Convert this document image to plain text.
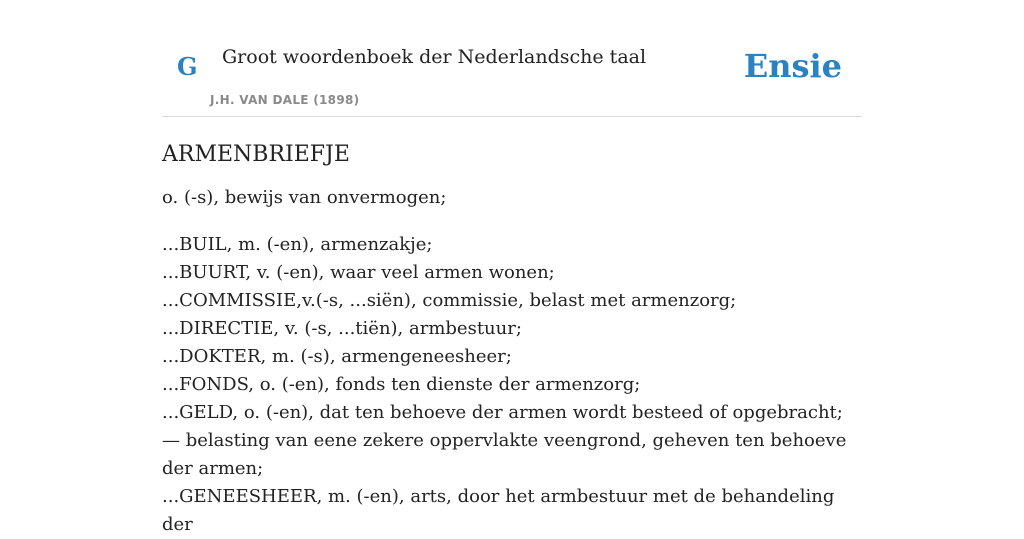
G Groot woordenboek der Nederlandsche taal
J.H. VAN DALE (1898)
Ensie
ARMENBRIEFJE

o. (-s), bewijs van onvermogen;

...BUIL, m. (-en), armenzakje;
...BUURT, v. (-en), waar veel armen wonen;
...COMMISSIE,v.(-s, ...siën), commissie, belast met armenzorg;
...DIRECTIE, v. (-s, ...tiën), armbestuur;
...DOKTER, m. (-s), armengeneesheer;
...FONDS, o. (-en), fonds ten dienste der armenzorg;
...GELD, o. (-en), dat ten behoeve der armen wordt besteed of opgebracht;
— belasting van eene zekere oppervlakte veengrond, geheven ten behoeve der armen;
...GENEESHEER, m. (-en), arts, door het armbestuur met de behandeling der
